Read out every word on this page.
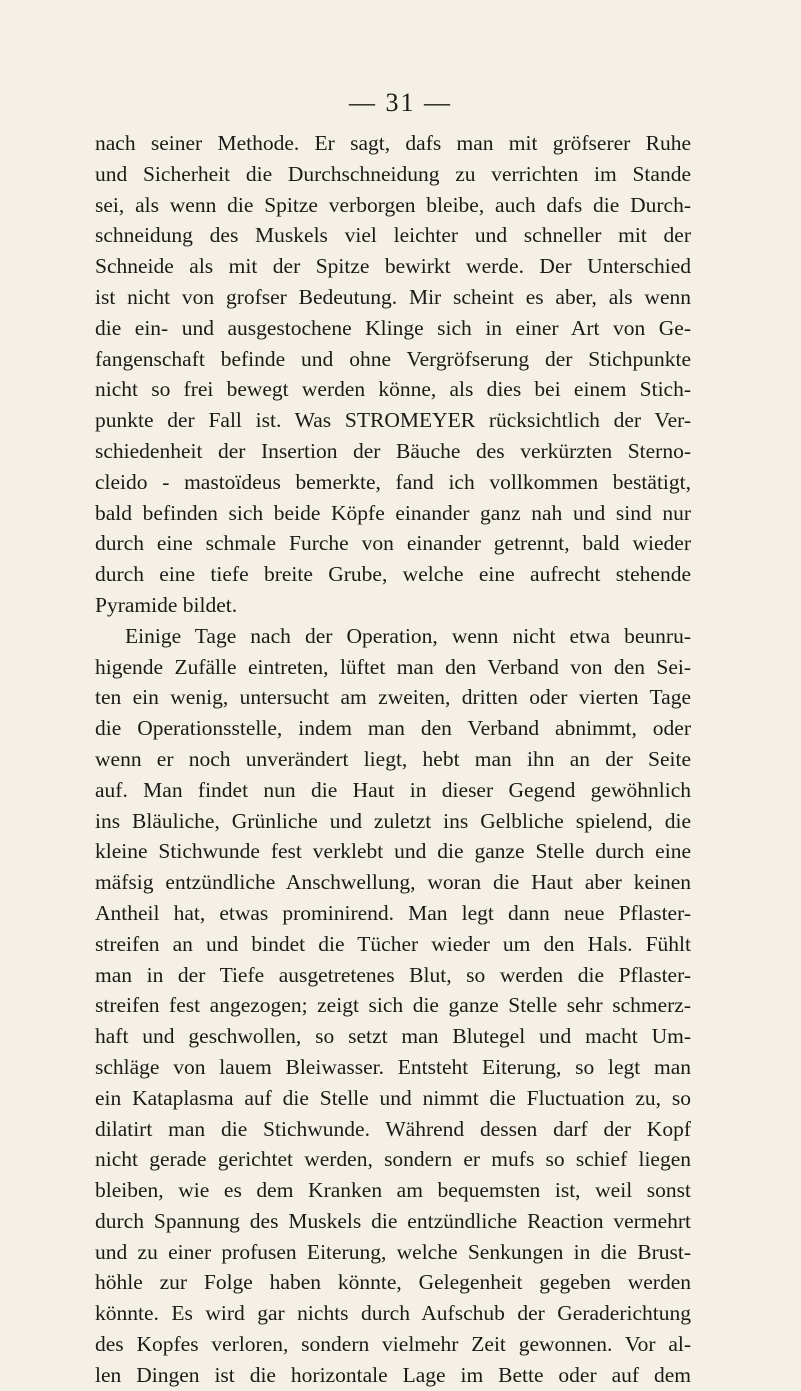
— 31 —
nach seiner Methode. Er sagt, dafs man mit gröfserer Ruhe
und Sicherheit die Durchschneidung zu verrichten im Stande
sei, als wenn die Spitze verborgen bleibe, auch dafs die Durch-
schneidung des Muskels viel leichter und schneller mit der
Schneide als mit der Spitze bewirkt werde. Der Unterschied
ist nicht von grofser Bedeutung. Mir scheint es aber, als wenn
die ein- und ausgestochene Klinge sich in einer Art von Ge-
fangenschaft befinde und ohne Vergröfserung der Stichpunkte
nicht so frei bewegt werden könne, als dies bei einem Stich-
punkte der Fall ist. Was STROMEYER rücksichtlich der Ver-
schiedenheit der Insertion der Bäuche des verkürzten Sterno-
cleido - mastoïdeus bemerkte, fand ich vollkommen bestätigt,
bald befinden sich beide Köpfe einander ganz nah und sind nur
durch eine schmale Furche von einander getrennt, bald wieder
durch eine tiefe breite Grube, welche eine aufrecht stehende
Pyramide bildet.
Einige Tage nach der Operation, wenn nicht etwa beunru-
higende Zufälle eintreten, lüftet man den Verband von den Sei-
ten ein wenig, untersucht am zweiten, dritten oder vierten Tage
die Operationsstelle, indem man den Verband abnimmt, oder
wenn er noch unverändert liegt, hebt man ihn an der Seite
auf. Man findet nun die Haut in dieser Gegend gewöhnlich
ins Bläuliche, Grünliche und zuletzt ins Gelbliche spielend, die
kleine Stichwunde fest verklebt und die ganze Stelle durch eine
mäfsig entzündliche Anschwellung, woran die Haut aber keinen
Antheil hat, etwas prominirend. Man legt dann neue Pflaster-
streifen an und bindet die Tücher wieder um den Hals. Fühlt
man in der Tiefe ausgetretenes Blut, so werden die Pflaster-
streifen fest angezogen; zeigt sich die ganze Stelle sehr schmerz-
haft und geschwollen, so setzt man Blutegel und macht Um-
schläge von lauem Bleiwasser. Entsteht Eiterung, so legt man
ein Kataplasma auf die Stelle und nimmt die Fluctuation zu, so
dilatirt man die Stichwunde. Während dessen darf der Kopf
nicht gerade gerichtet werden, sondern er mufs so schief liegen
bleiben, wie es dem Kranken am bequemsten ist, weil sonst
durch Spannung des Muskels die entzündliche Reaction vermehrt
und zu einer profusen Eiterung, welche Senkungen in die Brust-
höhle zur Folge haben könnte, Gelegenheit gegeben werden
könnte. Es wird gar nichts durch Aufschub der Geraderichtung
des Kopfes verloren, sondern vielmehr Zeit gewonnen. Vor al-
len Dingen ist die horizontale Lage im Bette oder auf dem
